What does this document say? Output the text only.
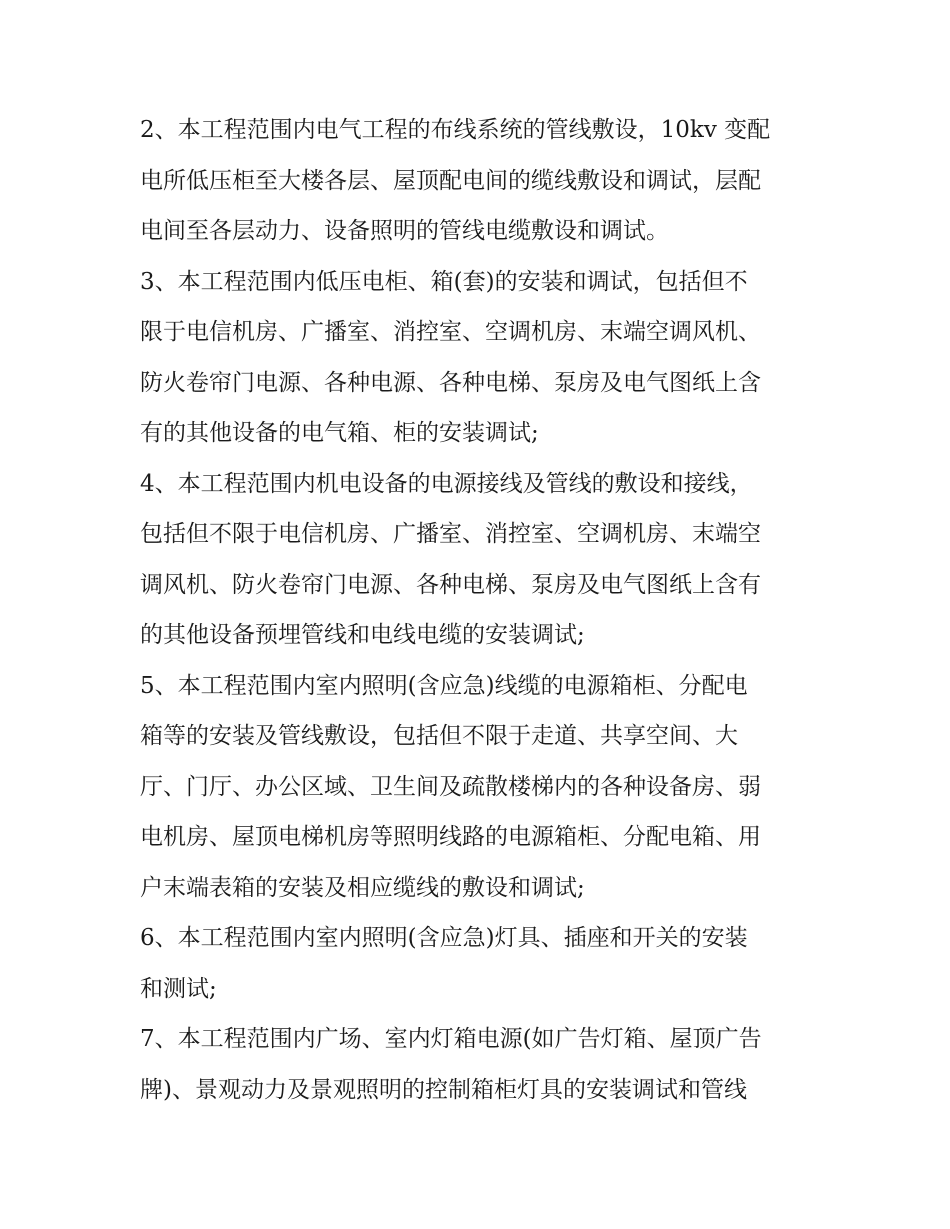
2、本工程范围内电气工程的布线系统的管线敷设，10kv 变配
电所低压柜至大楼各层、屋顶配电间的缆线敷设和调试，层配
电间至各层动力、设备照明的管线电缆敷设和调试。
3、本工程范围内低压电柜、箱(套)的安装和调试，包括但不
限于电信机房、广播室、消控室、空调机房、末端空调风机、
防火卷帘门电源、各种电源、各种电梯、泵房及电气图纸上含
有的其他设备的电气箱、柜的安装调试;
4、本工程范围内机电设备的电源接线及管线的敷设和接线，
包括但不限于电信机房、广播室、消控室、空调机房、末端空
调风机、防火卷帘门电源、各种电梯、泵房及电气图纸上含有
的其他设备预埋管线和电线电缆的安装调试;
5、本工程范围内室内照明(含应急)线缆的电源箱柜、分配电
箱等的安装及管线敷设，包括但不限于走道、共享空间、大
厅、门厅、办公区域、卫生间及疏散楼梯内的各种设备房、弱
电机房、屋顶电梯机房等照明线路的电源箱柜、分配电箱、用
户末端表箱的安装及相应缆线的敷设和调试;
6、本工程范围内室内照明(含应急)灯具、插座和开关的安装
和测试;
7、本工程范围内广场、室内灯箱电源(如广告灯箱、屋顶广告
牌)、景观动力及景观照明的控制箱柜灯具的安装调试和管线
